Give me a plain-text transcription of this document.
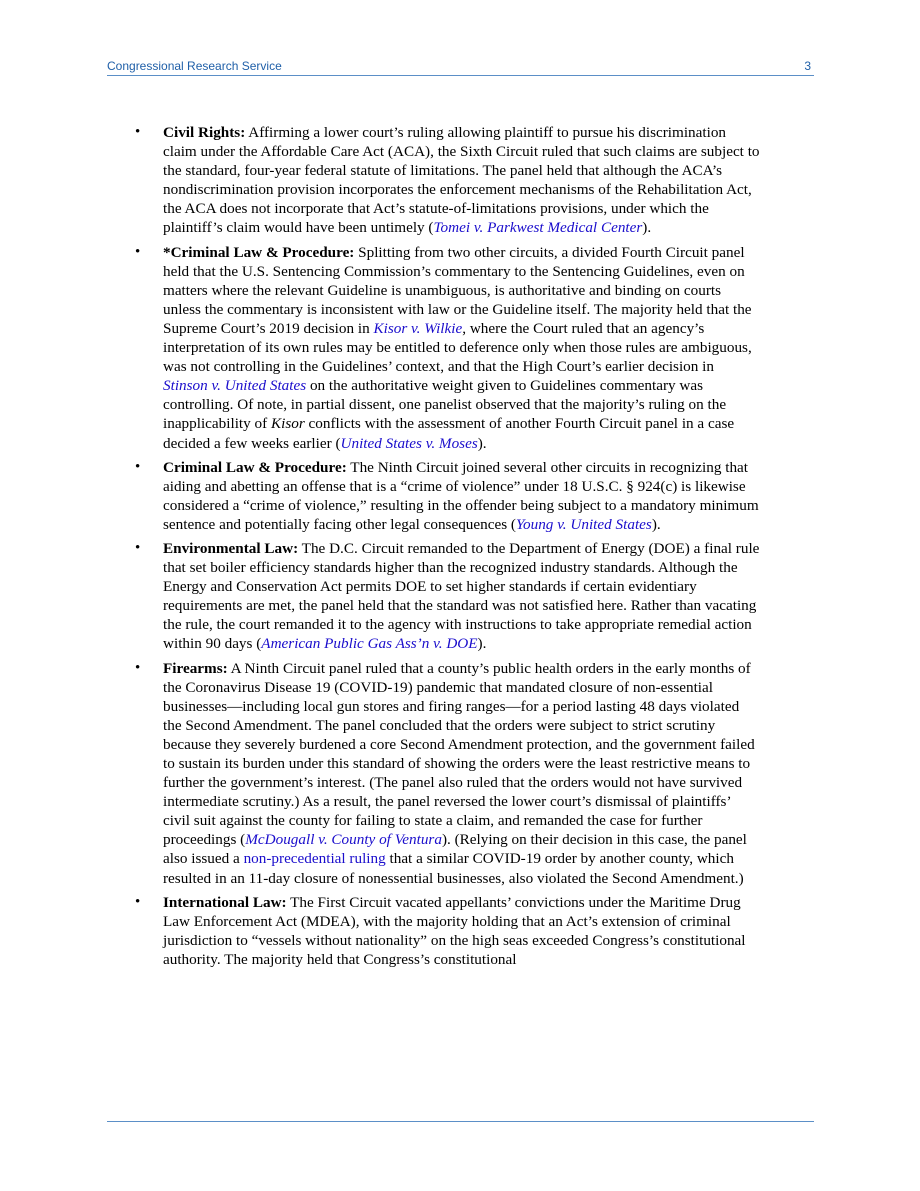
Congressional Research Service	3
• Civil Rights: Affirming a lower court’s ruling allowing plaintiff to pursue his discrimination claim under the Affordable Care Act (ACA), the Sixth Circuit ruled that such claims are subject to the standard, four-year federal statute of limitations. The panel held that although the ACA’s nondiscrimination provision incorporates the enforcement mechanisms of the Rehabilitation Act, the ACA does not incorporate that Act’s statute-of-limitations provisions, under which the plaintiff’s claim would have been untimely (Tomei v. Parkwest Medical Center).
• *Criminal Law & Procedure: Splitting from two other circuits, a divided Fourth Circuit panel held that the U.S. Sentencing Commission’s commentary to the Sentencing Guidelines, even on matters where the relevant Guideline is unambiguous, is authoritative and binding on courts unless the commentary is inconsistent with law or the Guideline itself. The majority held that the Supreme Court’s 2019 decision in Kisor v. Wilkie, where the Court ruled that an agency’s interpretation of its own rules may be entitled to deference only when those rules are ambiguous, was not controlling in the Guidelines’ context, and that the High Court’s earlier decision in Stinson v. United States on the authoritative weight given to Guidelines commentary was controlling. Of note, in partial dissent, one panelist observed that the majority’s ruling on the inapplicability of Kisor conflicts with the assessment of another Fourth Circuit panel in a case decided a few weeks earlier (United States v. Moses).
• Criminal Law & Procedure: The Ninth Circuit joined several other circuits in recognizing that aiding and abetting an offense that is a “crime of violence” under 18 U.S.C. § 924(c) is likewise considered a “crime of violence,” resulting in the offender being subject to a mandatory minimum sentence and potentially facing other legal consequences (Young v. United States).
• Environmental Law: The D.C. Circuit remanded to the Department of Energy (DOE) a final rule that set boiler efficiency standards higher than the recognized industry standards. Although the Energy and Conservation Act permits DOE to set higher standards if certain evidentiary requirements are met, the panel held that the standard was not satisfied here. Rather than vacating the rule, the court remanded it to the agency with instructions to take appropriate remedial action within 90 days (American Public Gas Ass’n v. DOE).
• Firearms: A Ninth Circuit panel ruled that a county’s public health orders in the early months of the Coronavirus Disease 19 (COVID-19) pandemic that mandated closure of non-essential businesses—including local gun stores and firing ranges—for a period lasting 48 days violated the Second Amendment. The panel concluded that the orders were subject to strict scrutiny because they severely burdened a core Second Amendment protection, and the government failed to sustain its burden under this standard of showing the orders were the least restrictive means to further the government’s interest. (The panel also ruled that the orders would not have survived intermediate scrutiny.) As a result, the panel reversed the lower court’s dismissal of plaintiffs’ civil suit against the county for failing to state a claim, and remanded the case for further proceedings (McDougall v. County of Ventura). (Relying on their decision in this case, the panel also issued a non-precedential ruling that a similar COVID-19 order by another county, which resulted in an 11-day closure of nonessential businesses, also violated the Second Amendment.)
• International Law: The First Circuit vacated appellants’ convictions under the Maritime Drug Law Enforcement Act (MDEA), with the majority holding that an Act’s extension of criminal jurisdiction to “vessels without nationality” on the high seas exceeded Congress’s constitutional authority. The majority held that Congress’s constitutional
